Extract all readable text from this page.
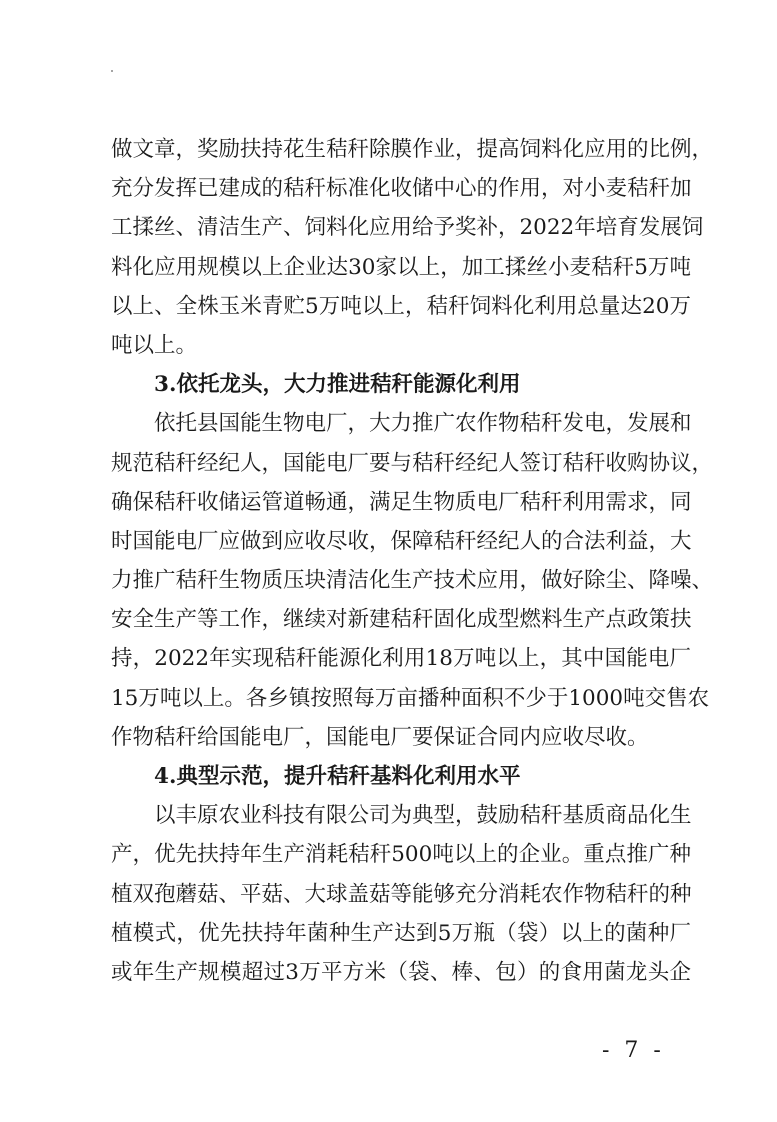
做文章，奖励扶持花生秸秆除膜作业，提高饲料化应用的比例，
充分发挥已建成的秸秆标准化收储中心的作用，对小麦秸秆加
工揉丝、清洁生产、饲料化应用给予奖补，2022年培育发展饲
料化应用规模以上企业达30家以上，加工揉丝小麦秸秆5万吨
以上、全株玉米青贮5万吨以上，秸秆饲料化利用总量达20万
吨以上。
3.依托龙头，大力推进秸秆能源化利用
依托县国能生物电厂，大力推广农作物秸秆发电，发展和
规范秸秆经纪人，国能电厂要与秸秆经纪人签订秸秆收购协议，
确保秸秆收储运管道畅通，满足生物质电厂秸秆利用需求，同
时国能电厂应做到应收尽收，保障秸秆经纪人的合法利益，大
力推广秸秆生物质压块清洁化生产技术应用，做好除尘、降噪、
安全生产等工作，继续对新建秸秆固化成型燃料生产点政策扶
持，2022年实现秸秆能源化利用18万吨以上，其中国能电厂
15万吨以上。各乡镇按照每万亩播种面积不少于1000吨交售农
作物秸秆给国能电厂，国能电厂要保证合同内应收尽收。
4.典型示范，提升秸秆基料化利用水平
以丰原农业科技有限公司为典型，鼓励秸秆基质商品化生
产，优先扶持年生产消耗秸秆500吨以上的企业。重点推广种
植双孢蘑菇、平菇、大球盖菇等能够充分消耗农作物秸秆的种
植模式，优先扶持年菌种生产达到5万瓶（袋）以上的菌种厂
或年生产规模超过3万平方米（袋、棒、包）的食用菌龙头企
- 7 -
